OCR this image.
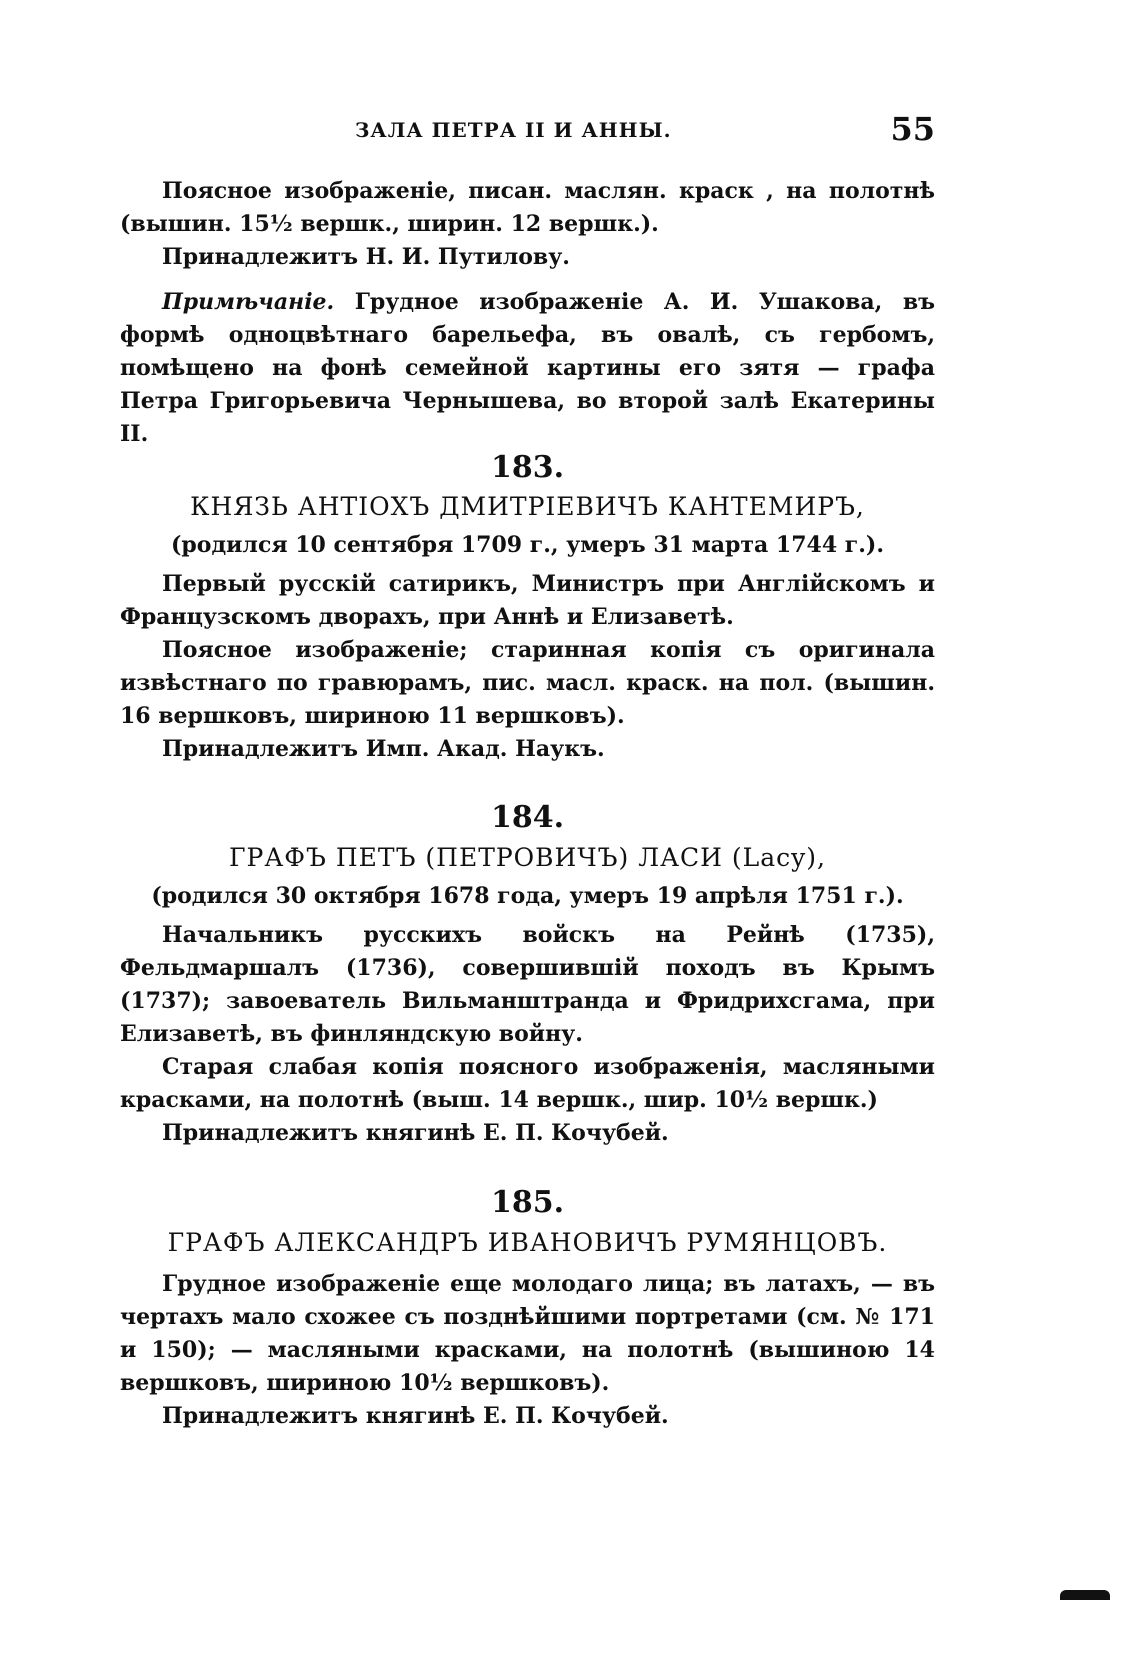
ЗАЛА ПЕТРА II И АННЫ.	55

Поясное изображеніе, писан. маслян. краск , на полотнѣ (вышин. 15½ вершк., ширин. 12 вершк.).

Принадлежитъ Н. И. Путилову.

Примѣчаніе. Грудное изображеніе А. И. Ушакова, въ формѣ одноцвѣтнаго барельефа, въ овалѣ, съ гербомъ, помѣщено на фонѣ семейной картины его зятя — графа Петра Григорьевича Чернышева, во второй залѣ Екатерины II.

183.
КНЯЗЬ АНТІОХЪ ДМИТРІЕВИЧЪ КАНТЕМИРЪ,
(родился 10 сентября 1709 г., умеръ 31 марта 1744 г.).

Первый русскій сатирикъ, Министръ при Англійскомъ и Французскомъ дворахъ, при Аннѣ и Елизаветѣ.

Поясное изображеніе; старинная копія съ оригинала извѣстнаго по гравюрамъ, пис. масл. краск. на пол. (вышин. 16 вершковъ, шириною 11 вершковъ).

Принадлежитъ Имп. Акад. Наукъ.

184.
ГРАФЪ ПЕТЪ (ПЕТРОВИЧЪ) ЛАСИ (Lacy),
(родился 30 октября 1678 года, умеръ 19 апрѣля 1751 г.).

Начальникъ русскихъ войскъ на Рейнѣ (1735), Фельдмаршалъ (1736), совершившій походъ въ Крымъ (1737); завоеватель Вильманштранда и Фридрихсгама, при Елизаветѣ, въ финляндскую войну.

Старая слабая копія поясного изображенія, масляными красками, на полотнѣ (выш. 14 вершк., шир. 10½ вершк.)

Принадлежитъ княгинѣ Е. П. Кочубей.

185.
ГРАФЪ АЛЕКСАНДРЪ ИВАНОВИЧЪ РУМЯНЦОВЪ.

Грудное изображеніе еще молодаго лица; въ латахъ, — въ чертахъ мало схожее съ позднѣйшими портретами (см. № 171 и 150); — масляными красками, на полотнѣ (вышиною 14 вершковъ, шириною 10½ вершковъ).

Принадлежитъ княгинѣ Е. П. Кочубей.
